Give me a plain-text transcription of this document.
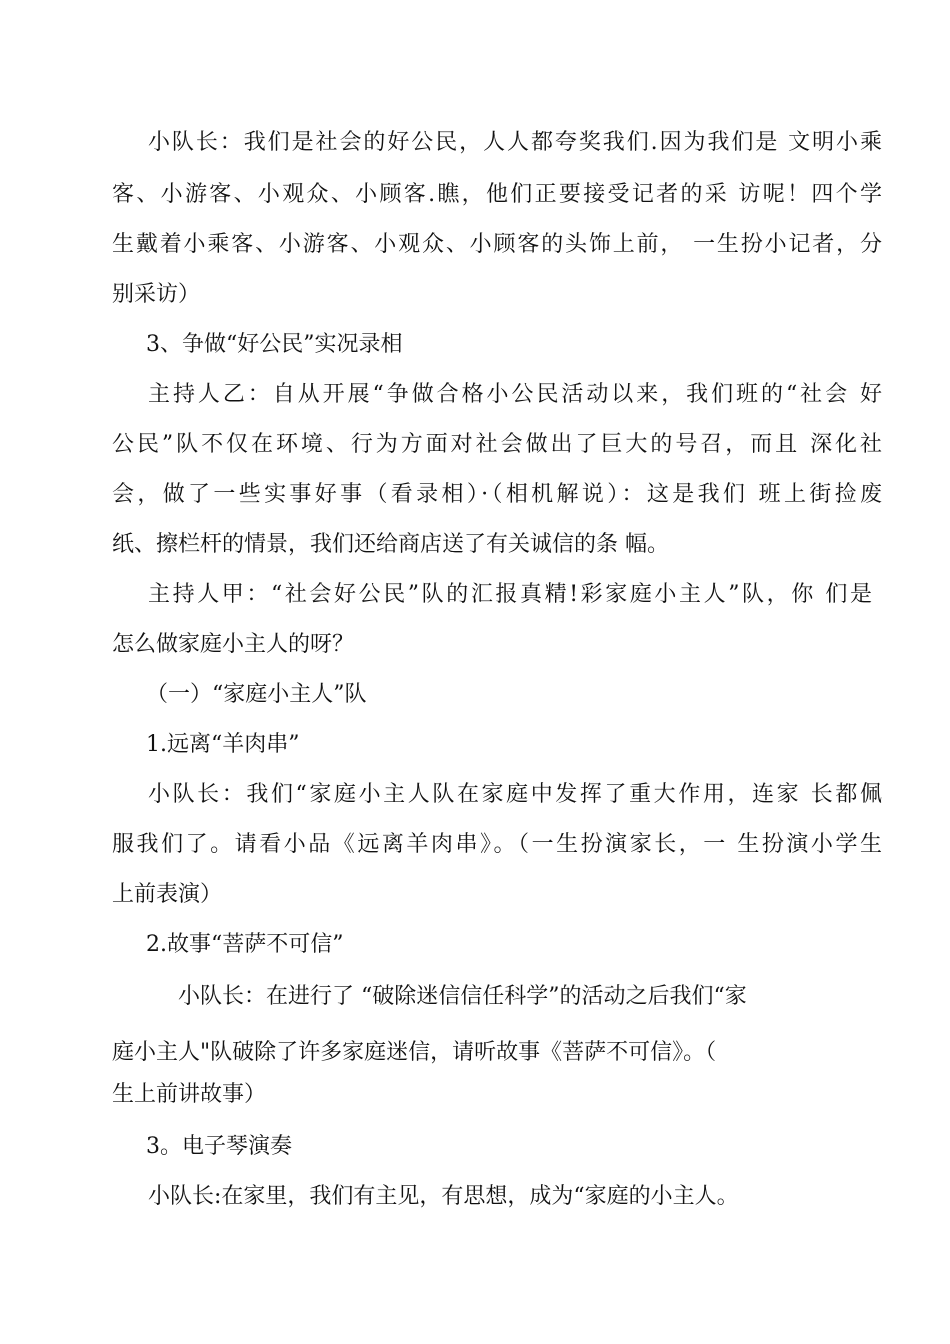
小队长：我们是社会的好公民，人人都夸奖我们.因为我们是 文明小乘
客、小游客、小观众、小顾客.瞧，他们正要接受记者的采 访呢！四个学
生戴着小乘客、小游客、小观众、小顾客的头饰上前， 一生扮小记者，分
别采访）
3、争做“好公民”实况录相
主持人乙：自从开展“争做合格小公民活动以来，我们班的“社会 好
公民”队不仅在环境、行为方面对社会做出了巨大的号召，而且 深化社
会，做了一些实事好事（看录相）·（相机解说）：这是我们 班上街捡废
纸、擦栏杆的情景，我们还给商店送了有关诚信的条 幅。
主持人甲：“社会好公民”队的汇报真精!彩家庭小主人”队，你 们是
怎么做家庭小主人的呀？
（一）“家庭小主人”队
1.远离“羊肉串”
小队长：我们“家庭小主人队在家庭中发挥了重大作用，连家 长都佩
服我们了。请看小品《远离羊肉串》。（一生扮演家长，一 生扮演小学生
上前表演）
2.故事“菩萨不可信”
小队长：在进行了 “破除迷信信任科学”的活动之后我们“家
庭小主人"队破除了许多家庭迷信，请听故事《菩萨不可信》。（
生上前讲故事）
3。电子琴演奏
小队长:在家里，我们有主见，有思想，成为“家庭的小主人。
